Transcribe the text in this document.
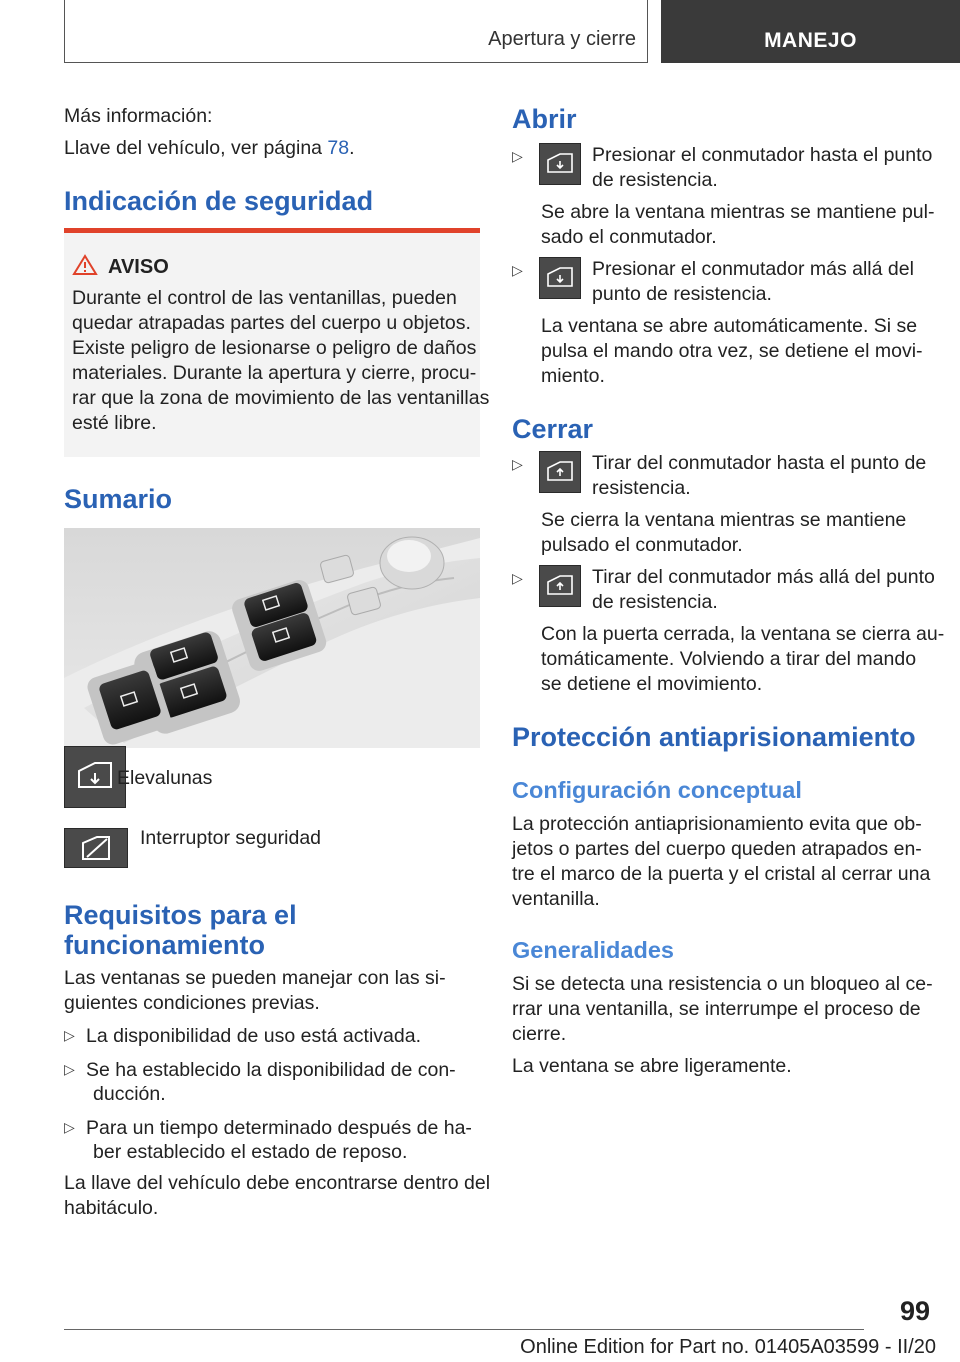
Apertura y cierre	MANEJO

Más información:

Llave del vehículo, ver página 78.

Indicación de seguridad
AVISO

Durante el control de las ventanillas, pueden

quedar atrapadas partes del cuerpo u objetos.

Existe peligro de lesionarse o peligro de daños

materiales. Durante la apertura y cierre, procu-

rar que la zona de movimiento de las ventanillas

esté libre.

Sumario

Elevalunas

Interruptor seguridad

Requisitos para el
funcionamiento

Las ventanas se pueden manejar con las si-

guientes condiciones previas.

▷ La disponibilidad de uso está activada.

▷ Se ha establecido la disponibilidad de con-

ducción.

▷ Para un tiempo determinado después de ha-

ber establecido el estado de reposo.

La llave del vehículo debe encontrarse dentro del

habitáculo.

Abrir
▷	Presionar el conmutador hasta el punto

de resistencia.

Se abre la ventana mientras se mantiene pul-

sado el conmutador.

▷	Presionar el conmutador más allá del

punto de resistencia.

La ventana se abre automáticamente. Si se

pulsa el mando otra vez, se detiene el movi-

miento.

Cerrar
▷	Tirar del conmutador hasta el punto de

resistencia.

Se cierra la ventana mientras se mantiene

pulsado el conmutador.

▷	Tirar del conmutador más allá del punto

de resistencia.

Con la puerta cerrada, la ventana se cierra au-

tomáticamente. Volviendo a tirar del mando

se detiene el movimiento.

Protección antiaprisionamiento
Configuración conceptual

La protección antiaprisionamiento evita que ob-

jetos o partes del cuerpo queden atrapados en-

tre el marco de la puerta y el cristal al cerrar una

ventanilla.

Generalidades

Si se detecta una resistencia o un bloqueo al ce-

rrar una ventanilla, se interrumpe el proceso de

cierre.

La ventana se abre ligeramente.

99
Online Edition for Part no. 01405A03599 - II/20
